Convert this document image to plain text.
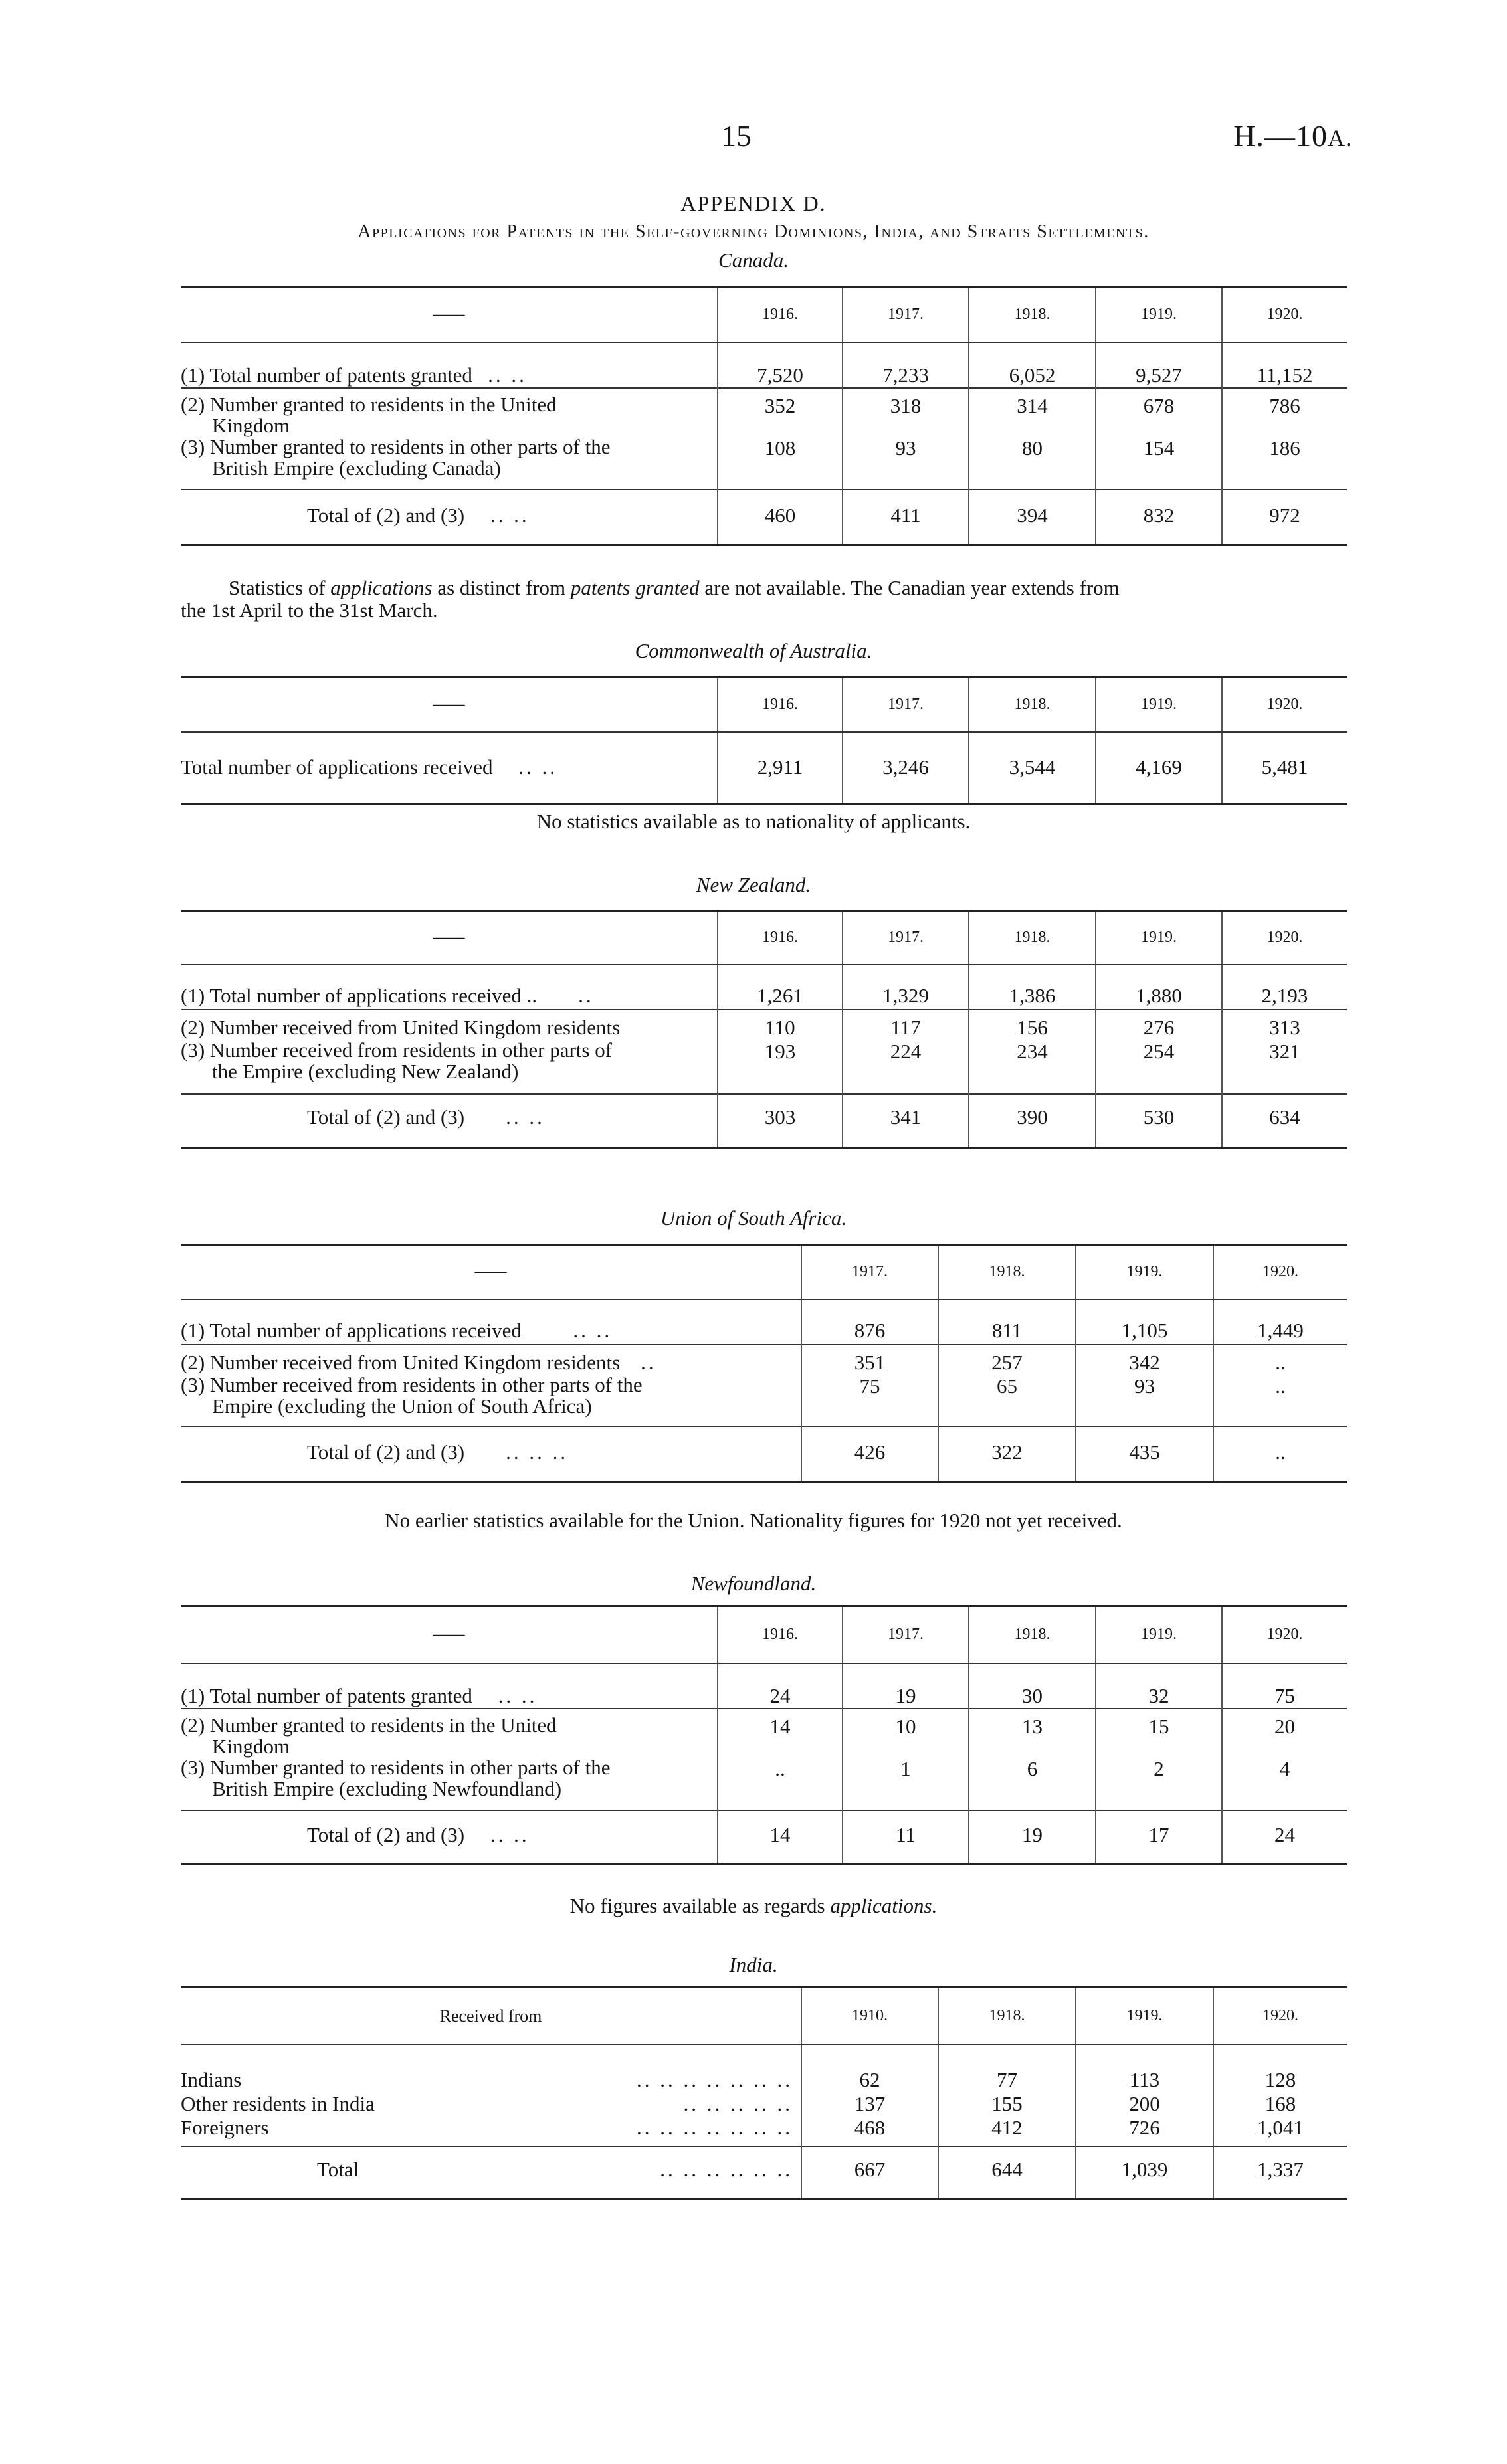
15	H.—10A.
APPENDIX D.
Applications for Patents in the Self-governing Dominions, India, and Straits Settlements.
Canada.
——	1916.	1917.	1918.	1919.	1920.
(1) Total number of patents granted .. ..	7,520	7,233	6,052	9,527	11,152
(2) Number granted to residents in the United
Kingdom	352	318	314	678	786
(3) Number granted to residents in other parts of the
British Empire (excluding Canada)	108	93	80	154	186
Total of (2) and (3) .. ..	460	411	394	832	972
Statistics of applications as distinct from patents granted are not available. The Canadian year extends from
the 1st April to the 31st March.
Commonwealth of Australia.
——	1916.	1917.	1918.	1919.	1920.
Total number of applications received .. ..	2,911	3,246	3,544	4,169	5,481
No statistics available as to nationality of applicants.
New Zealand.
——	1916.	1917.	1918.	1919.	1920.
(1) Total number of applications received .. ..	1,261	1,329	1,386	1,880	2,193
(2) Number received from United Kingdom residents	110	117	156	276	313
(3) Number received from residents in other parts of
the Empire (excluding New Zealand)	193	224	234	254	321
Total of (2) and (3) .. ..	303	341	390	530	634
Union of South Africa.
——	1917.	1918.	1919.	1920.
(1) Total number of applications received .. ..	876	811	1,105	1,449
(2) Number received from United Kingdom residents ..	351	257	342	..
(3) Number received from residents in other parts of the
Empire (excluding the Union of South Africa)	75	65	93	..
Total of (2) and (3) .. .. ..	426	322	435	..
No earlier statistics available for the Union. Nationality figures for 1920 not yet received.
Newfoundland.
——	1916.	1917.	1918.	1919.	1920.
(1) Total number of patents granted .. ..	24	19	30	32	75
(2) Number granted to residents in the United
Kingdom	14	10	13	15	20
(3) Number granted to residents in other parts of the
British Empire (excluding Newfoundland)	..	1	6	2	4
Total of (2) and (3) .. ..	14	11	19	17	24
No figures available as regards applications.
India.
Received from	1910.	1918.	1919.	1920.
Indians .. .. .. .. .. .. ..	62	77	113	128
Other residents in India .. .. .. .. ..	137	155	200	168
Foreigners .. .. .. .. .. .. ..	468	412	726	1,041
Total .. .. .. .. .. ..	667	644	1,039	1,337
